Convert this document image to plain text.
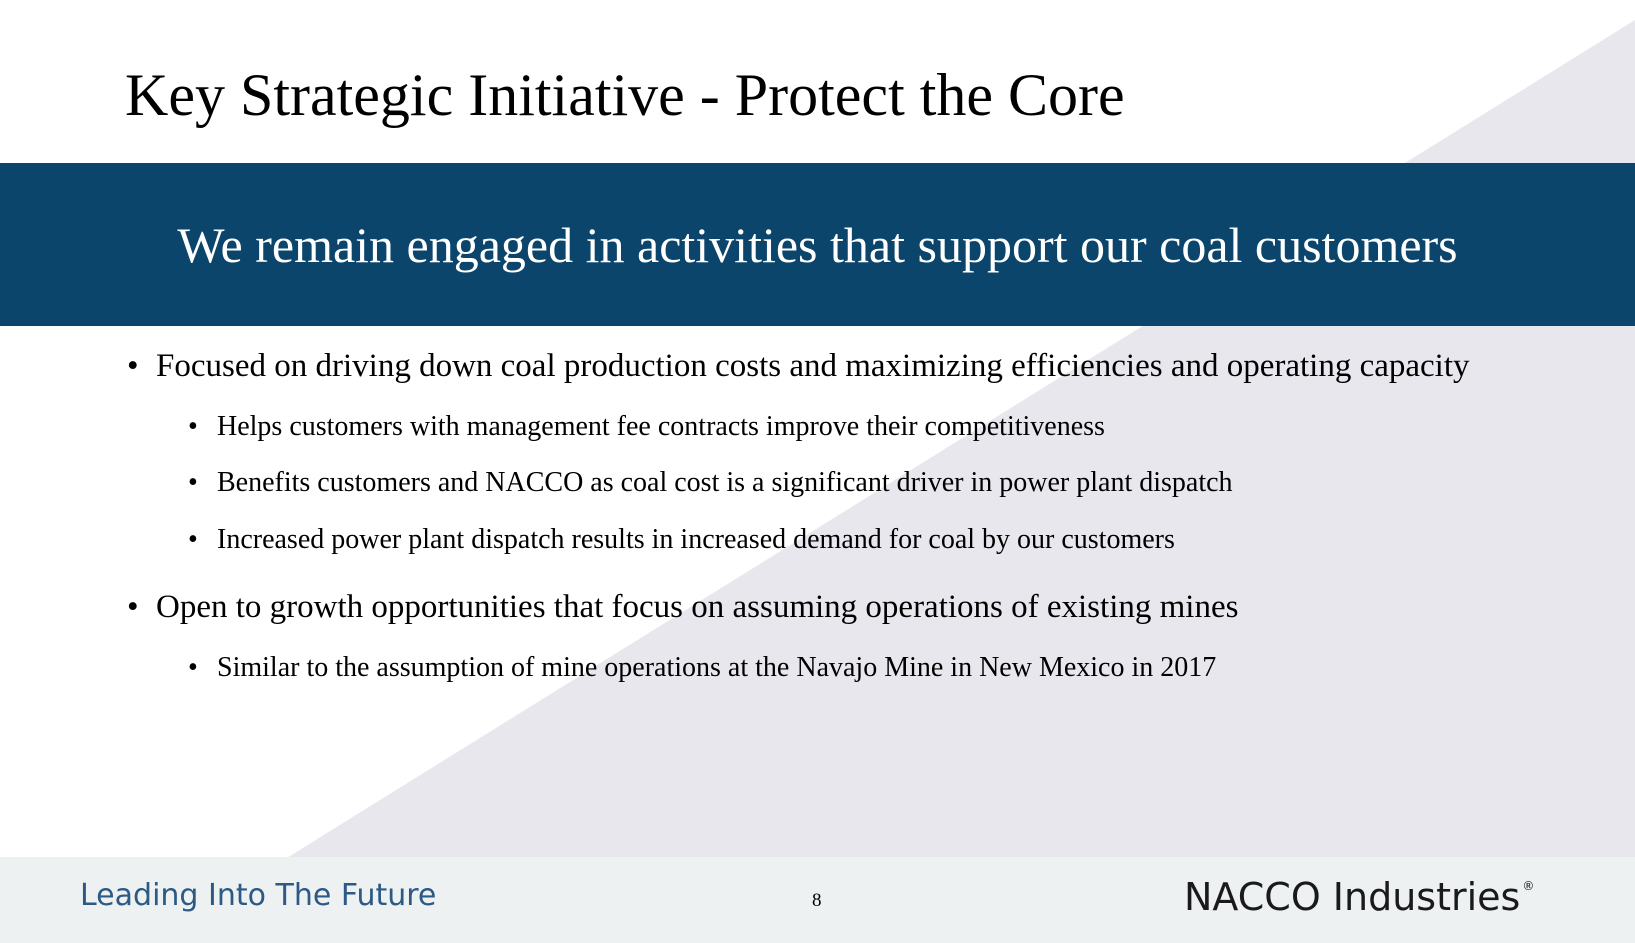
Key Strategic Initiative - Protect the Core
We remain engaged in activities that support our coal customers
• Focused on driving down coal production costs and maximizing efficiencies and operating capacity
• Helps customers with management fee contracts improve their competitiveness
• Benefits customers and NACCO as coal cost is a significant driver in power plant dispatch
• Increased power plant dispatch results in increased demand for coal by our customers
• Open to growth opportunities that focus on assuming operations of existing mines
• Similar to the assumption of mine operations at the Navajo Mine in New Mexico in 2017
Leading Into The Future	8	NACCO Industries ®
